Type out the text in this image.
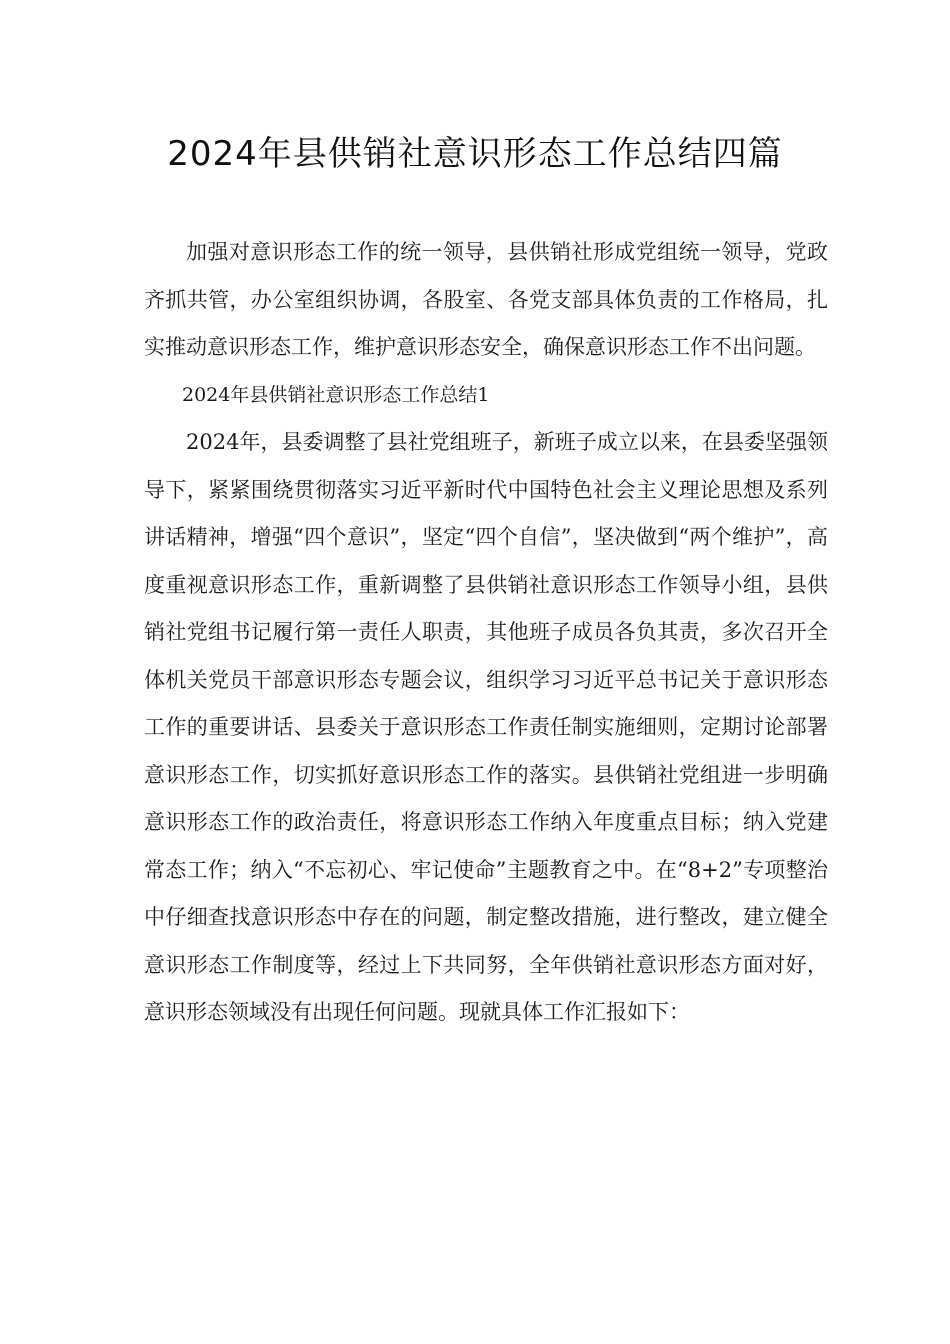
2024年县供销社意识形态工作总结四篇

加强对意识形态工作的统一领导，县供销社形成党组统一领导，党政齐抓共管，办公室组织协调，各股室、各党支部具体负责的工作格局，扎实推动意识形态工作，维护意识形态安全，确保意识形态工作不出问题。

2024年县供销社意识形态工作总结1

2024年，县委调整了县社党组班子，新班子成立以来，在县委坚强领导下，紧紧围绕贯彻落实习近平新时代中国特色社会主义理论思想及系列讲话精神，增强“四个意识”，坚定“四个自信”，坚决做到“两个维护”，高度重视意识形态工作，重新调整了县供销社意识形态工作领导小组，县供销社党组书记履行第一责任人职责，其他班子成员各负其责，多次召开全体机关党员干部意识形态专题会议，组织学习习近平总书记关于意识形态工作的重要讲话、县委关于意识形态工作责任制实施细则，定期讨论部署意识形态工作，切实抓好意识形态工作的落实。县供销社党组进一步明确意识形态工作的政治责任，将意识形态工作纳入年度重点目标；纳入党建常态工作；纳入“不忘初心、牢记使命”主题教育之中。在“8+2”专项整治中仔细查找意识形态中存在的问题，制定整改措施，进行整改，建立健全意识形态工作制度等，经过上下共同努，全年供销社意识形态方面对好，意识形态领域没有出现任何问题。现就具体工作汇报如下：
